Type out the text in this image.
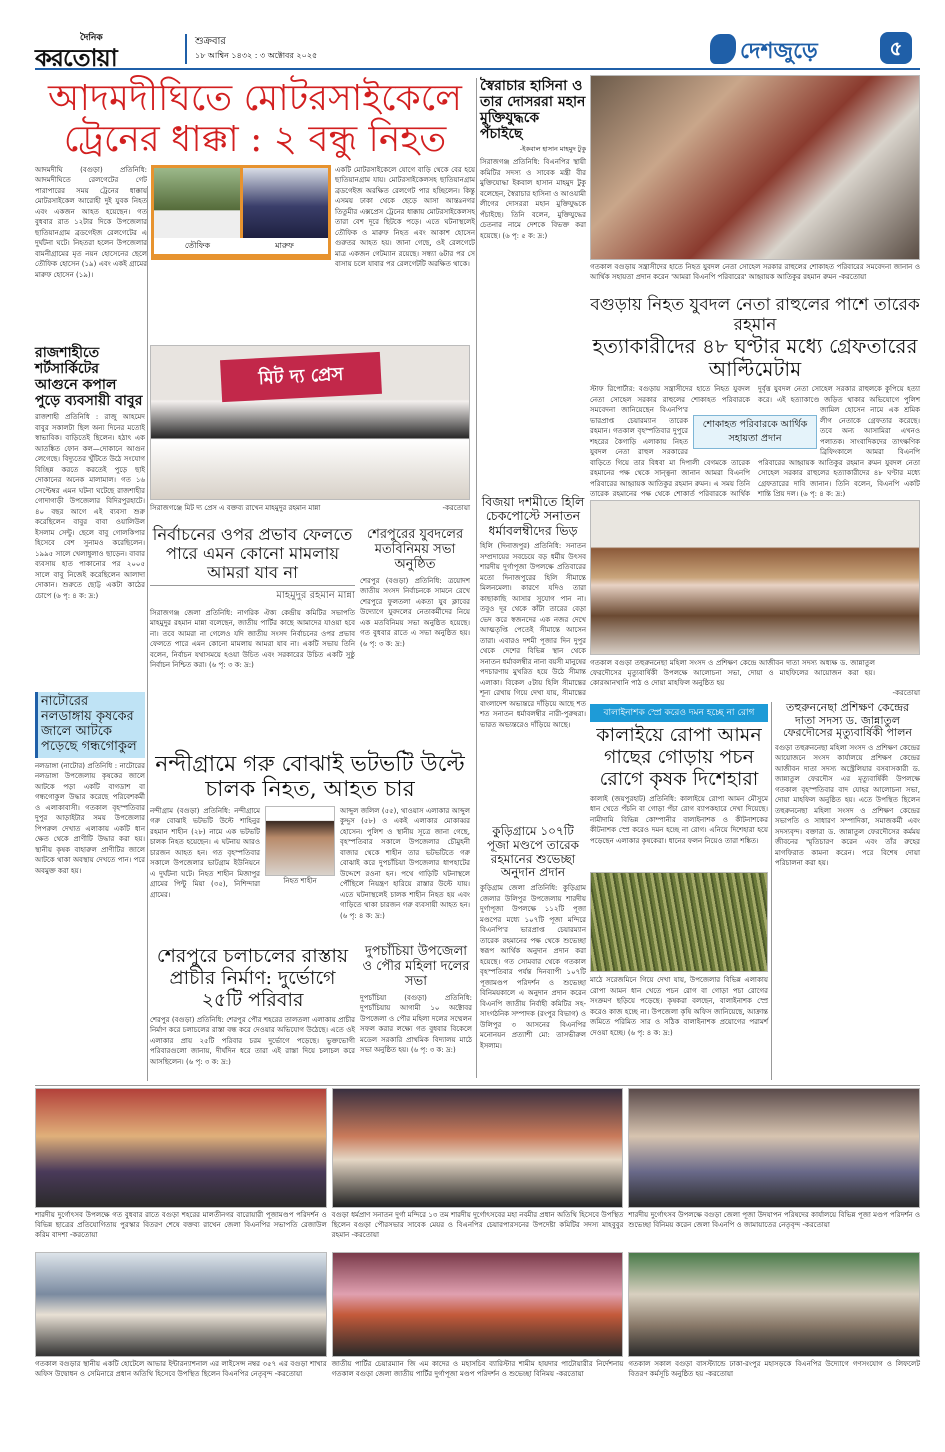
দৈনিক
করতোয়া
শুক্রবার
১৮ আশ্বিন ১৪৩২ : ৩ অক্টোবর ২০২৫	দেশজুড়ে	৫
আদমদীঘিতে মোটরসাইকেলে
ট্রেনের ধাক্কা : ২ বন্ধু নিহত
আদমদীঘি (বগুড়া) প্রতিনিধি: আদমদীঘিতে রেলগেটের গেট পারাপারের সময় ট্রেনের ধাক্কায় মোটরসাইকেল আরোহী দুই যুবক নিহত এবং একজন আহত হয়েছেন। গত বুধবার রাত ১২টার দিকে উপজেলার ছাতিয়ানগ্রাম ব্রডগেইজ রেলগেটের এ দুর্ঘটনা ঘটে। নিহতরা হলেন উপজেলার বামনীগ্রামের মৃত নয়ন হোসেনের ছেলে তৌফিক হোসেন (১৯) এবং একই গ্রামের মারুফ হোসেন (১৯)।
তৌফিক	মারুফ
একটি মোটরসাইকেলে যোগে বাড়ি থেকে বের হয়ে ছাতিয়ানগ্রাম যায়। মোটরসাইকেলসহ ছাতিয়ানগ্রাম ব্রডগেইজ অরক্ষিত রেলগেট পার হচ্ছিলেন। কিন্তু এসময় ঢাকা থেকে ছেড়ে আসা আন্তঃনগর তিতুমীর এক্সপ্রেস ট্রেনের ধাক্কায় মোটরসাইকেলসহ তারা বেশ দূরে ছিটকে পড়ে। এতে ঘটনাস্থলেই তৌফিক ও মারুফ নিহত এবং আকাশ হোসেন গুরুতর আহত হয়। জানা গেছে, ওই রেলগেটে মাত্র একজন গেটম্যান রয়েছে। সন্ধ্যা ৬টার পর সে বাসায় চলে যাবার পর রেলগেটটি অরক্ষিত থাকে।
স্বৈরাচার হাসিনা ও তার দোসররা মহান মুক্তিযুদ্ধকে পঁচাইছে
-ইকবাল হাসান মাহমুদ টুকু
সিরাজগঞ্জ প্রতিনিধি: বিএনপির স্থায়ী কমিটির সদস্য ও সাবেক মন্ত্রী বীর মুক্তিযোদ্ধা ইকবাল হাসান মাহমুদ টুকু বলেছেন, স্বৈরাচার হাসিনা ও আওয়ামী লীগের দোসররা মহান মুক্তিযুদ্ধকে পঁচাইছে। তিনি বলেন, মুক্তিযুদ্ধের চেতনার নামে দেশকে বিভক্ত করা হয়েছে। (৬ পৃ: ৫ ক: দ্র:)
গতকাল বগুড়ায় সন্ত্রাসীদের হাতে নিহত যুবদল নেতা সোহেল সরকার রাহুলের শোকাহত পরিবারের সমবেদনা জানান ও আর্থিক সহায়তা প্রদান করেন 'আমরা বিএনপি পরিবারের' আহ্বায়ক আতিকুর রহমান রুমন -করতোয়া
বগুড়ায় নিহত যুবদল নেতা রাহুলের পাশে তারেক রহমান
হত্যাকারীদের ৪৮ ঘণ্টার মধ্যে গ্রেফতারের আল্টিমেটাম
স্টাফ রিপোর্টার: বগুড়ায় সন্ত্রাসীদের হাতে নিহত যুবদল নেতা সোহেল সরকার রাহুলের শোকাহত পরিবারকে সমবেদনা জানিয়েছেন বিএনপি'র ভারপ্রাপ্ত চেয়ারম্যান তারেক রহমান। গতকাল বৃহস্পতিবার দুপুরে শহরের কৈগাড়ি এলাকায় নিহত যুবদল নেতা রাহুল সরকারের বাড়িতে গিয়ে তার বিধবা মা দিপালী বেগমকে তারেক রহমানের পক্ষ থেকে সান্ত্বনা জানান আমরা বিএনপি পরিবারের আহ্বায়ক আতিকুর রহমান রুমন। এ সময় তিনি তারেক রহমানের পক্ষ থেকে শোকার্ত পরিবারকে আর্থিক
দুর্বৃত্ত যুবদল নেতা সোহেল সরকার রাহুলকে কুপিয়ে হত্যা করে। এই হত্যাকাণ্ডে জড়িত থাকার অভিযোগে পুলিশ জামিল হোসেন নামে এক শ্রমিক লীগ নেতাকে গ্রেফতার করেছে। তবে অন্য আসামিরা এখনও পলাতক। সাংবাদিকদের তাৎক্ষণিক ব্রিফিংকালে আমরা বিএনপি পরিবারের আহ্বায়ক আতিকুর রহমান রুমন যুবদল নেতা সোহেল সরকার রাহুলের হত্যাকারীদের ৪৮ ঘণ্টার মধ্যে গ্রেফতারের দাবি জানান। তিনি বলেন, বিএনপি একটি শান্তি প্রিয় দল। (৬ পৃ: ৪ ক: দ্র:)
শোকাহত পরিবারকে আর্থিক সহায়তা প্রদান
রাজশাহীতে শর্টসার্কিটের আগুনে কপাল পুড়ে ব্যবসায়ী বাবুর
রাজশাহী প্রতিনিধি : রাজু আহমেদ বাবুর সকালটা ছিল অন্য দিনের মতোই স্বাভাবিক। বাড়িতেই ছিলেন। হঠাৎ এক আতঙ্কিত ফোন কল—দোকানে আগুন লেগেছে। বিদ্যুতের খুঁটিতে উঠে সংযোগ বিচ্ছিন্ন করতে করতেই পুড়ে ছাই দোকানের অনেক মালামাল। গত ১৬ সেপ্টেম্বর এমন ঘটনা ঘটেছে রাজশাহীর গোদাগাড়ী উপজেলার বিদিরপুরহাটে। ৪০ বছর আগে এই ব্যবসা শুরু করেছিলেন বাবুর বাবা ওয়ালিউল ইসলাম সেন্টু। ছেলে বাবু গোলকিপার হিসেবে বেশ সুনামও করেছিলেন। ১৯৯৫ সালে খেলাধুলাও ছাড়েন। বাবার ব্যবসায় হাত পাকানোর পর ২০০৫ সালে বাবু নিজেই করেছিলেন আলাদা দোকান। শুরুতে ছোট্ট একটা কাঠের চোপে (৬ পৃ: ৪ ক: দ্র:)
নাটোরের নলডাঙ্গায় কৃষকের জালে আটকে পড়েছে গন্ধগোকুল
নলডাঙ্গা (নাটোর) প্রতিনিধি : নাটোরের নলডাঙ্গা উপজেলায় কৃষকের জালে আটকে পড়া একটি বাগডাশ বা গন্ধগোকুল উদ্ধার করেছে পরিবেশকর্মী ও এলাকাবাসী। গতকাল বৃহস্পতিবার দুপুর আড়াইটার সময় উপজেলার পিপরুল দেখাত এলাকায় একটি ধান ক্ষেত থেকে প্রাণীটি উদ্ধার করা হয়। স্থানীয় কৃষক বাহারুল প্রাণীটির জালে আটকে থাকা অবস্থায় দেখতে পান। পরে অবমুক্ত করা হয়।
মিট দ্য প্রেস
সিরাজগঞ্জে মিট দ্য প্রেস এ বক্তব্য রাখেন মাহমুদুর রহমান মান্না	-করতোয়া
নির্বাচনের ওপর প্রভাব ফেলতে পারে এমন কোনো মামলায় আমরা যাব না
মাহমুদুর রহমান মান্না
সিরাজগঞ্জ জেলা প্রতিনিধি: নাগরিক ঐক্য কেন্দ্রীয় কমিটির সভাপতি মাহমুদুর রহমান মান্না বলেছেন, জাতীয় পার্টির কাছে আমাদের যাওয়া হবে না। তবে আমরা না গেলেও যদি জাতীয় সংসদ নির্বাচনের ওপর প্রভাব ফেলতে পারে এমন কোনো মামলায় আমরা যাব না। একটি সভায় তিনি বলেন, নির্বাচন যথাসময়ে হওয়া উচিত এবং সরকারের উচিত একটি সুষ্ঠু নির্বাচন নিশ্চিত করা। (৬ পৃ: ৩ ক: দ্র:)
শেরপুরের যুবদলের মতবিনিময় সভা অনুষ্ঠিত
শেরপুর (বগুড়া) প্রতিনিধি: ত্রয়োদশ জাতীয় সংসদ নির্বাচনকে সামনে রেখে শেরপুরে ফুলতলা একতা যুব ক্লাবের উদ্যোগে যুবদলের নেতাকর্মীদের নিয়ে এক মতবিনিময় সভা অনুষ্ঠিত হয়েছে। গত বুধবার রাতে এ সভা অনুষ্ঠিত হয়। (৬ পৃ: ৩ ক: দ্র:)
বিজয়া দশমীতে হিলি চেকপোস্টে সনাতন ধর্মাবলম্বীদের ভিড়
হিলি (দিনাজপুর) প্রতিনিধি: সনাতন সম্প্রদায়ের সবচেয়ে বড় ধর্মীয় উৎসব শারদীয় দুর্গাপূজা উপলক্ষে প্রতিবারের মতো দিনাজপুরের হিলি সীমান্তে মিলনমেলা। কারণে যদিও তারা কাছাকাছি আসার সুযোগ পান না। তবুও দূর থেকে কাঁটা তারের বেড়া ভেদ করে স্বজনদের এক নজর দেখে আত্মতৃপ্তি পেতেই সীমান্তে আসেন তারা। এবারও দশমী পূজার দিন দুপুর থেকে দেশের বিভিন্ন স্থান থেকে সনাতন ধর্মাবলম্বীর নানা বয়সী মানুষের পদচারণায় মুখরিত হয়ে উঠে সীমান্ত এলাকা। বিকেল ৫টায় হিলি সীমান্তের শূন্য রেখায় গিয়ে দেখা যায়, সীমান্তের বাংলাদেশ অভ্যন্তরে দাঁড়িয়ে আছে শত শত সনাতন ধর্মাবলম্বীর নারী-পুরুষরা। ভারত অভ্যন্তরেও দাঁড়িয়ে আছে।
গতকাল বগুড়া তহুরুননেছা মহিলা সংসদ ও প্রশিক্ষণ কেন্দ্রে আজীবন দাতা সদস্য অধ্যক্ষ ড. জান্নাতুল ফেরদৌসের মৃত্যুবার্ষিকী উপলক্ষে আলোচনা সভা, দোয়া ও মাহফিলের আয়োজন করা হয়। কোরআনখানি পাঠ ও দোয়া মাহফিল অনুষ্ঠিত হয়
-করতোয়া
তহুরুননেছা প্রশিক্ষণ কেন্দ্রের দাতা সদস্য ড. জান্নাতুল ফেরদৌসের মৃত্যুবার্ষিকী পালন
বগুড়া তহুরুননেছা মহিলা সংসদ ও প্রশিক্ষণ কেন্দ্রের আয়োজনে সংসদ কার্যালয়ে প্রশিক্ষণ কেন্দ্রের আজীবন দাতা সদস্য অস্ট্রেলিয়ার বসবাসকারী ড. জান্নাতুল ফেরদৌস এর মৃত্যুবার্ষিকী উপলক্ষে গতকাল বৃহস্পতিবার বাদ যোহর আলোচনা সভা, দোয়া মাহফিল অনুষ্ঠিত হয়। এতে উপস্থিত ছিলেন তহুরুননেছা মহিলা সংসদ ও প্রশিক্ষণ কেন্দ্রের সভাপতি ও সাধারণ সম্পাদিকা, সমাজকর্মী এবং সদস্যবৃন্দ। বক্তারা ড. জান্নাতুল ফেরদৌসের কর্মময় জীবনের স্মৃতিচারণ করেন এবং তাঁর রুহের মাগফিরাত কামনা করেন। পরে বিশেষ দোয়া পরিচালনা করা হয়।
বালাইনাশক স্প্রে করেও দমন হচ্ছে না রোগ
কালাইয়ে রোপা আমন গাছের গোড়ায় পচন রোগে কৃষক দিশেহারা
কালাই (জয়পুরহাট) প্রতিনিধি: কালাইয়ে রোপা আমন মৌসুমে ধান খেতে পঁচনি বা গোড়া পঁচা রোগ ব্যাপকহারে দেখা দিয়েছে। নামীদামি বিভিন্ন কোম্পানীর বালাইনাশক ও কীটনাশকের কীটনাশক স্প্রে করেও দমন হচ্ছে না রোগ। এনিয়ে দিশেহারা হয়ে পড়েছেন এলাকার কৃষকেরা। ধানের ফলন নিয়েও তারা শঙ্কিত।
মাঠে সরেজমিনে গিয়ে দেখা যায়, উপজেলার বিভিন্ন এলাকায় রোপা আমন ধান খেতে পচন রোগ বা গোড়া পচা রোগের সংক্রমণ ছড়িয়ে পড়েছে। কৃষকরা বলছেন, বালাইনাশক স্প্রে করেও কাজ হচ্ছে না। উপজেলা কৃষি অফিস জানিয়েছে, আক্রান্ত জমিতে পরিমিত সার ও সঠিক বালাইনাশক প্রয়োগের পরামর্শ দেওয়া হচ্ছে। (৬ পৃ: ৪ ক: দ্র:)
নন্দীগ্রামে গরু বোঝাই ভটভটি উল্টে চালক নিহত, আহত চার
নন্দীগ্রাম (বগুড়া) প্রতিনিধি: নন্দীগ্রামে গরু বোঝাই ভটভটি উল্টে শাহিনুর রহমান শাহীন (২৮) নামে এক ভটভটি চালক নিহত হয়েছেন। এ ঘটনায় আরও চারজন আহত হন। গত বৃহস্পতিবার সকালে উপজেলার ভাটগ্রাম ইউনিয়নে এ দুর্ঘটনা ঘটে। নিহত শাহীন মিজাপুর গ্রামের পিন্টু মিয়া (৩৫), নিশিন্দারা গ্রামের।
নিহত শাহীন
আব্দুল জলিল (৫৫), থাওয়াস এলাকার আব্দুল কুদ্দুস (৫৮) ও একই এলাকার মোকাব্বর হোসেন। পুলিশ ও স্থানীয় সূত্রে জানা গেছে, বৃহস্পতিবার সকালে উপজেলার চৌমুহনী বাজার থেকে শাহীন তার ভটভটিতে গরু বোঝাই করে দুপচাঁচিয়া উপজেলার ধাপহাটের উদ্দেশে রওনা হন। পথে গাড়িটি ঘটনাস্থলে পৌঁছিলে নিয়ন্ত্রণ হারিয়ে রাস্তার উল্টে যায়। এতে ঘটনাস্থলেই চালক শাহীন নিহত হয় এবং গাড়িতে থাকা চারজন গরু ব্যবসায়ী আহত হন। (৬ পৃ: ৪ ক: দ্র:)
কুড়িগ্রামে ১০৭টি পূজা মণ্ডপে তারেক রহমানের শুভেচ্ছা অনুদান প্রদান
কুড়িগ্রাম জেলা প্রতিনিধি: কুড়িগ্রাম জেলার উলিপুর উপজেলায় শারদীয় দুর্গাপূজা উপলক্ষে ১১২টি পূজা মণ্ডপের মধ্যে ১০৭টি পূজা মন্দিরে বিএনপি'র ভারপ্রাপ্ত চেয়ারম্যান তারেক রহমানের পক্ষ থেকে শুভেচ্ছা স্বরূপ আর্থিক অনুদান প্রদান করা হয়েছে। গত সোমবার থেকে গতকাল বৃহস্পতিবার পর্যন্ত দিনব্যাপী ১০৭টি পূজামণ্ডপ পরিদর্শন ও শুভেচ্ছা বিনিময়কালে এ অনুদান প্রদান করেন বিএনপি জাতীয় নির্বাহী কমিটির সহ-সাংগঠনিক সম্পাদক (রংপুর বিভাগ) ও উলিপুর ৩ আসনের বিএনপির মনোনয়ন প্রত্যাশী মো: তাসভীরুল ইসলাম।
শেরপুরে চলাচলের রাস্তায় প্রাচীর নির্মাণ: দুর্ভোগে ২৫টি পরিবার
শেরপুর (বগুড়া) প্রতিনিধি: শেরপুর পৌর শহরের তালতলা এলাকায় প্রাচীর নির্মাণ করে চলাচলের রাস্তা বন্ধ করে দেওয়ার অভিযোগ উঠেছে। এতে ওই এলাকার প্রায় ২৫টি পরিবার চরম দুর্ভোগে পড়েছে। ভুক্তভোগী পরিবারগুলো জানায়, দীর্ঘদিন ধরে তারা এই রাস্তা দিয়ে চলাচল করে আসছিলেন। (৬ পৃ: ৩ ক: দ্র:)
দুপচাঁচিয়া উপজেলা ও পৌর মহিলা দলের সভা
দুপচাঁচিয়া (বগুড়া) প্রতিনিধি: দুপচাঁচিয়ায় আগামী ১০ অক্টোবর উপজেলা ও পৌর মহিলা দলের সম্মেলন সফল করার লক্ষ্যে গত বুধবার বিকেলে মডেল সরকারি প্রাথমিক বিদ্যালয় মাঠে সভা অনুষ্ঠিত হয়। (৬ পৃ: ৩ ক: দ্র:)
শারদীয় দুর্গোৎসব উপলক্ষে গত বুধবার রাতে বগুড়া শহরের মালতীনগর বারোয়ারী পূজামণ্ডপ পরিদর্শন ও বিভিন্ন ছাত্রের প্রতিযোগিতায় পুরস্কার বিতরণ শেষে বক্তব্য রাখেন জেলা বিএনপির সভাপতি রেজাউল করিম বাদশা -করতোয়া
বগুড়া ধর্মপ্রাণ সনাতন দুর্গা মন্দিরে ১৩ তম শারদীয় দুর্গোৎসবের মহা নবমীর প্রধান অতিথি হিসেবে উপস্থিত ছিলেন বগুড়া পৌরসভার সাবেক মেয়র ও বিএনপির চেয়ারপারসনের উপদেষ্টা কমিটির সদস্য মাহবুবুর রহমান -করতোয়া
শারদীয় দুর্গোৎসব উপলক্ষে বগুড়া জেলা পূজা উদযাপন পরিষদের কার্যালয়ে বিভিন্ন পূজা মণ্ডপ পরিদর্শন ও শুভেচ্ছা বিনিময় করেন জেলা বিএনপি ও জামায়াতের নেতৃবৃন্দ -করতোয়া
গতকাল বগুড়ার স্থানীয় একটি হোটেলে আভার ইন্টারন্যাশনাল এর লাইসেন্স নম্বর ৩৫৭ এর বগুড়া শাখার অফিস উদ্বোধন ও সেমিনারে প্রধান অতিথি হিসেবে উপস্থিত ছিলেন বিএনপির নেতৃবৃন্দ -করতোয়া
জাতীয় পার্টির চেয়ারম্যান জি এম কাদের ও মহাসচিব ব্যারিস্টার শামীম হায়দার পাটোয়ারীর নির্দেশনায় গতকাল বগুড়া জেলা জাতীয় পার্টির দুর্গাপূজা মণ্ডপ পরিদর্শন ও শুভেচ্ছা বিনিময় -করতোয়া
গতকাল সকাল বগুড়া বাসস্ট্যান্ডে ঢাকা-রংপুর মহাসড়কে বিএনপির উদ্যোগে গণসংযোগ ও লিফলেট বিতরণ কর্মসূচি অনুষ্ঠিত হয় -করতোয়া
